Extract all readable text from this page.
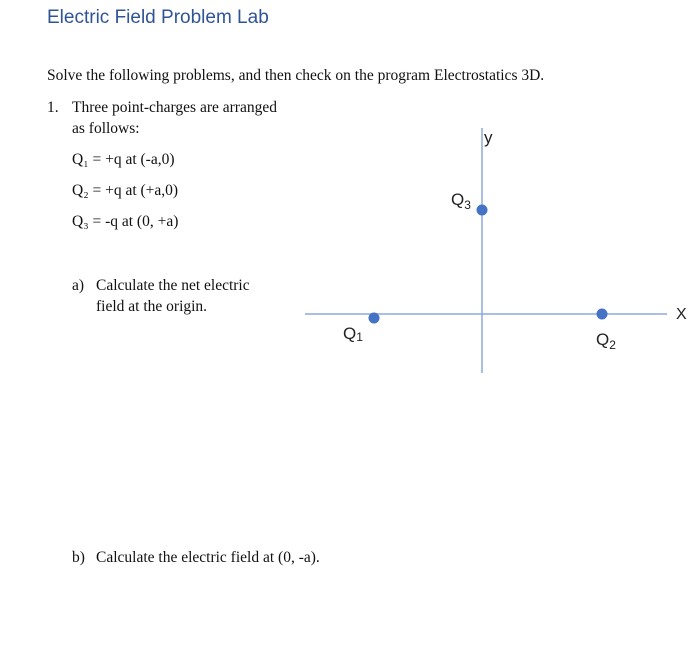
Electric Field Problem Lab
Solve the following problems, and then check on the program Electrostatics 3D.
1. Three point-charges are arranged
as follows:
Q₁ = +q at (-a,0)
Q₂ = +q at (+a,0)
Q₃ = -q at (0, +a)
a) Calculate the net electric
field at the origin.
b) Calculate the electric field at (0, -a).
X
y
Q1	$Q_2$
$Q_3$
